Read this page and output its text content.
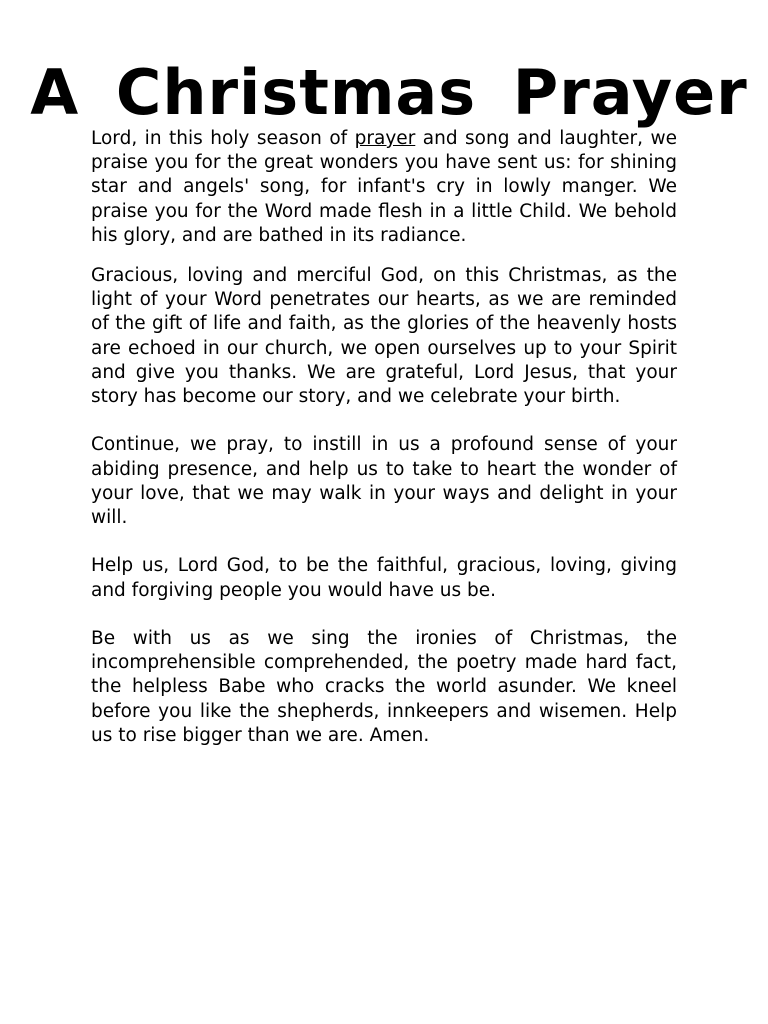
A Christmas Prayer

Lord, in this holy season of prayer and song and laughter, we praise you for the great wonders you have sent us: for shining star and angels' song, for infant's cry in lowly manger. We praise you for the Word made flesh in a little Child. We behold his glory, and are bathed in its radiance.

Gracious, loving and merciful God, on this Christmas, as the light of your Word penetrates our hearts, as we are reminded of the gift of life and faith, as the glories of the heavenly hosts are echoed in our church, we open ourselves up to your Spirit and give you thanks. We are grateful, Lord Jesus, that your story has become our story, and we celebrate your birth.

Continue, we pray, to instill in us a profound sense of your abiding presence, and help us to take to heart the wonder of your love, that we may walk in your ways and delight in your will.

Help us, Lord God, to be the faithful, gracious, loving, giving and forgiving people you would have us be.

Be with us as we sing the ironies of Christmas, the incomprehensible comprehended, the poetry made hard fact, the helpless Babe who cracks the world asunder. We kneel before you like the shepherds, innkeepers and wisemen. Help us to rise bigger than we are. Amen.
